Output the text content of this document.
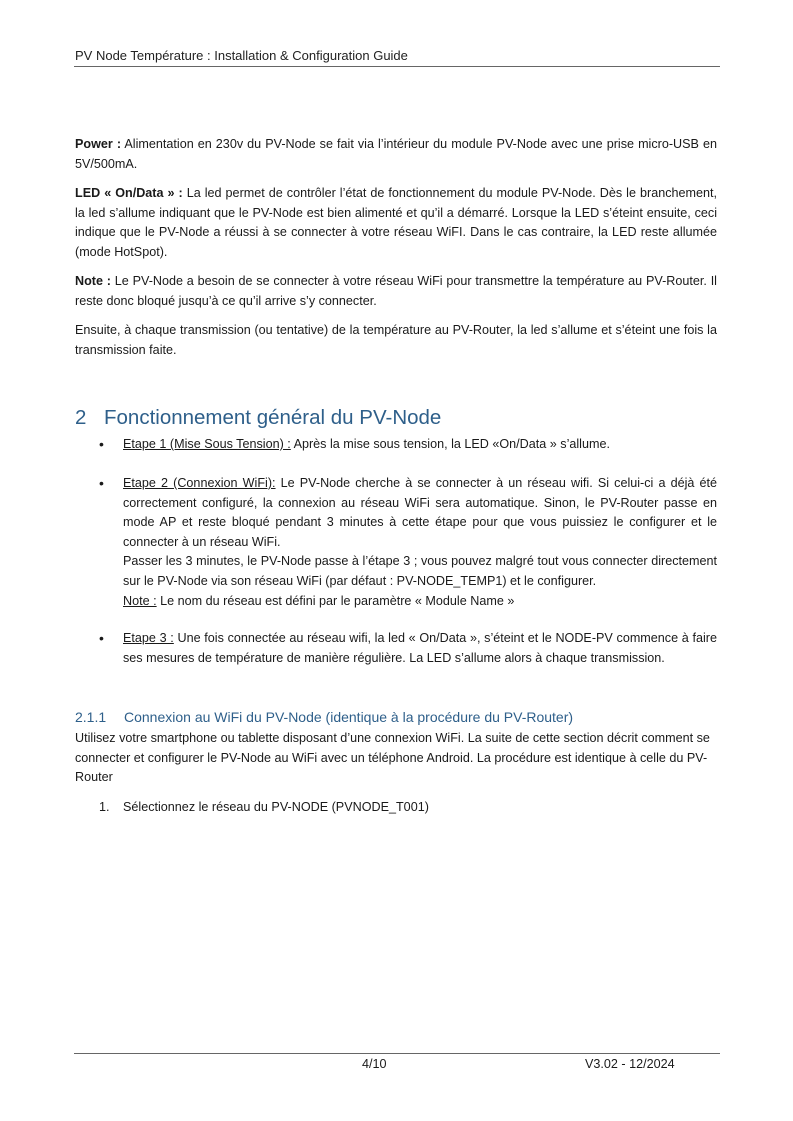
PV Node Température : Installation & Configuration Guide
Power : Alimentation en 230v du PV-Node se fait via l’intérieur du module PV-Node avec une prise micro-USB en 5V/500mA.
LED « On/Data » : La led permet de contrôler l’état de fonctionnement du module PV-Node. Dès le branchement, la led s’allume indiquant que le PV-Node est bien alimenté et qu’il a démarré. Lorsque la LED s’éteint ensuite, ceci indique que le PV-Node a réussi à se connecter à votre réseau WiFI. Dans le cas contraire, la LED reste allumée (mode HotSpot).
Note : Le PV-Node a besoin de se connecter à votre réseau WiFi pour transmettre la température au PV-Router. Il reste donc bloqué jusqu’à ce qu’il arrive s’y connecter.
Ensuite, à chaque transmission (ou tentative) de la température au PV-Router, la led s’allume et s’éteint une fois la transmission faite.
2 Fonctionnement général du PV-Node
• Etape 1 (Mise Sous Tension) : Après la mise sous tension, la LED «On/Data » s’allume.
• Etape 2 (Connexion WiFi): Le PV-Node cherche à se connecter à un réseau wifi. Si celui-ci a déjà été correctement configuré, la connexion au réseau WiFi sera automatique. Sinon, le PV-Router passe en mode AP et reste bloqué pendant 3 minutes à cette étape pour que vous puissiez le configurer et le connecter à un réseau WiFi.
Passer les 3 minutes, le PV-Node passe à l’étape 3 ; vous pouvez malgré tout vous connecter directement sur le PV-Node via son réseau WiFi (par défaut : PV-NODE_TEMP1) et le configurer.
Note : Le nom du réseau est défini par le paramètre « Module Name »
• Etape 3 : Une fois connectée au réseau wifi, la led « On/Data », s’éteint et le NODE-PV commence à faire ses mesures de température de manière régulière. La LED s’allume alors à chaque transmission.
2.1.1 Connexion au WiFi du PV-Node (identique à la procédure du PV-Router)
Utilisez votre smartphone ou tablette disposant d’une connexion WiFi. La suite de cette section décrit comment se connecter et configurer le PV-Node au WiFi avec un téléphone Android. La procédure est identique à celle du PV-Router
1. Sélectionnez le réseau du PV-NODE (PVNODE_T001)
4/10	V3.02 - 12/2024
